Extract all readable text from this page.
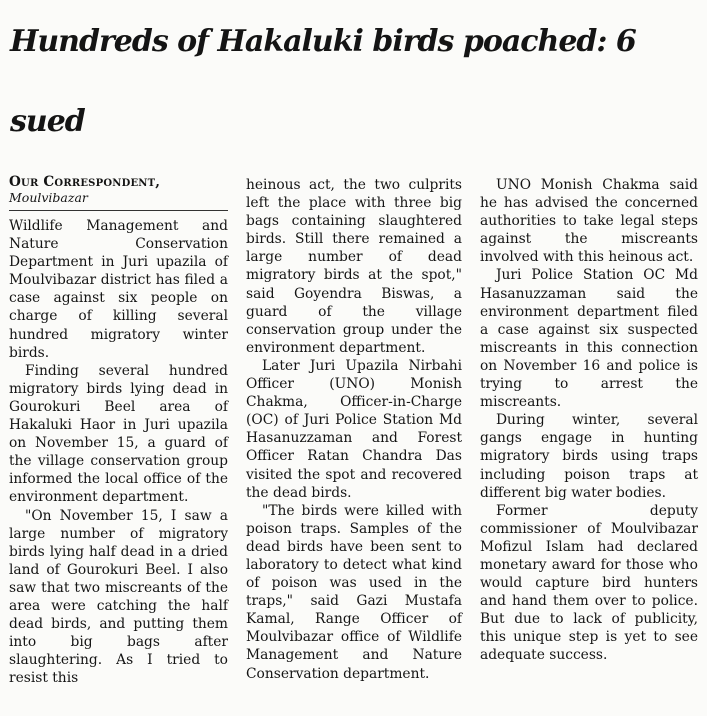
Hundreds of Hakaluki birds poached: 6 sued
Our Correspondent,
Moulvibazar

Wildlife Management and Nature Conservation Department in Juri upazila of Moulvibazar district has filed a case against six people on charge of killing several hundred migratory winter birds.

Finding several hundred migratory birds lying dead in Gourokuri Beel area of Hakaluki Haor in Juri upazila on November 15, a guard of the village conservation group informed the local office of the environment department.

"On November 15, I saw a large number of migratory birds lying half dead in a dried land of Gourokuri Beel. I also saw that two miscreants of the area were catching the half dead birds, and putting them into big bags after slaughtering. As I tried to resist this

heinous act, the two culprits left the place with three big bags containing slaughtered birds. Still there remained a large number of dead migratory birds at the spot," said Goyendra Biswas, a guard of the village conservation group under the environment department.

Later Juri Upazila Nirbahi Officer (UNO) Monish Chakma, Officer-in-Charge (OC) of Juri Police Station Md Hasanuzzaman and Forest Officer Ratan Chandra Das visited the spot and recovered the dead birds.

"The birds were killed with poison traps. Samples of the dead birds have been sent to laboratory to detect what kind of poison was used in the traps," said Gazi Mustafa Kamal, Range Officer of Moulvibazar office of Wildlife Management and Nature Conservation department.

UNO Monish Chakma said he has advised the concerned authorities to take legal steps against the miscreants involved with this heinous act.

Juri Police Station OC Md Hasanuzzaman said the environment department filed a case against six suspected miscreants in this connection on November 16 and police is trying to arrest the miscreants.

During winter, several gangs engage in hunting migratory birds using traps including poison traps at different big water bodies.

Former deputy commissioner of Moulvibazar Mofizul Islam had declared monetary award for those who would capture bird hunters and hand them over to police. But due to lack of publicity, this unique step is yet to see adequate success.
